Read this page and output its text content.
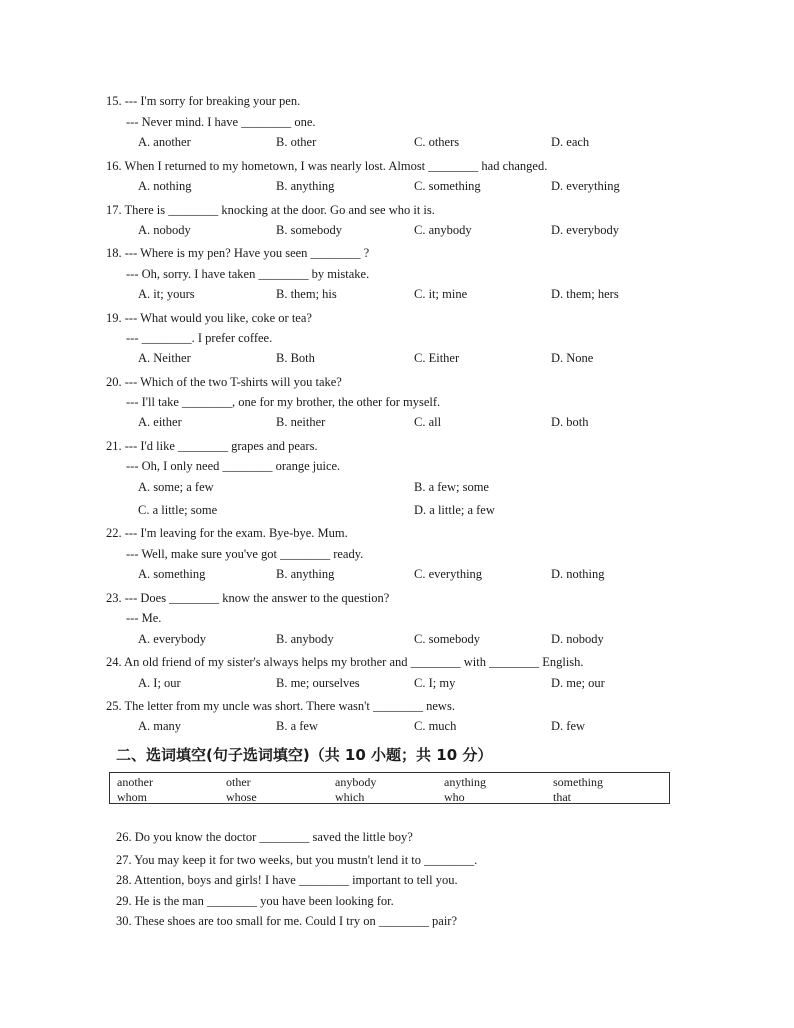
15. --- I'm sorry for breaking your pen.
--- Never mind. I have ________ one.
A. another	B. other	C. others	D. each
16. When I returned to my hometown, I was nearly lost. Almost ________ had changed.
A. nothing	B. anything	C. something	D. everything
17. There is ________ knocking at the door. Go and see who it is.
A. nobody	B. somebody	C. anybody	D. everybody
18. --- Where is my pen? Have you seen ________ ?
--- Oh, sorry. I have taken ________ by mistake.
A. it; yours	B. them; his	C. it; mine	D. them; hers
19. --- What would you like, coke or tea?
--- ________. I prefer coffee.
A. Neither	B. Both	C. Either	D. None
20. --- Which of the two T-shirts will you take?
--- I'll take ________, one for my brother, the other for myself.
A. either	B. neither	C. all	D. both
21. --- I'd like ________ grapes and pears.
--- Oh, I only need ________ orange juice.
A. some; a few	B. a few; some
C. a little; some	D. a little; a few
22. --- I'm leaving for the exam. Bye-bye. Mum.
--- Well, make sure you've got ________ ready.
A. something	B. anything	C. everything	D. nothing
23. --- Does ________ know the answer to the question?
--- Me.
A. everybody	B. anybody	C. somebody	D. nobody
24. An old friend of my sister's always helps my brother and ________ with ________ English.
A. I; our	B. me; ourselves	C. I; my	D. me; our
25. The letter from my uncle was short. There wasn't ________ news.
A. many	B. a few	C. much	D. few
二、选词填空(句子选词填空)（共 10 小题；共 10 分）
another	other	anybody	anything	something
whom	whose	which	who	that
26. Do you know the doctor ________ saved the little boy?
27. You may keep it for two weeks, but you mustn't lend it to ________.
28. Attention, boys and girls! I have ________ important to tell you.
29. He is the man ________ you have been looking for.
30. These shoes are too small for me. Could I try on ________ pair?
